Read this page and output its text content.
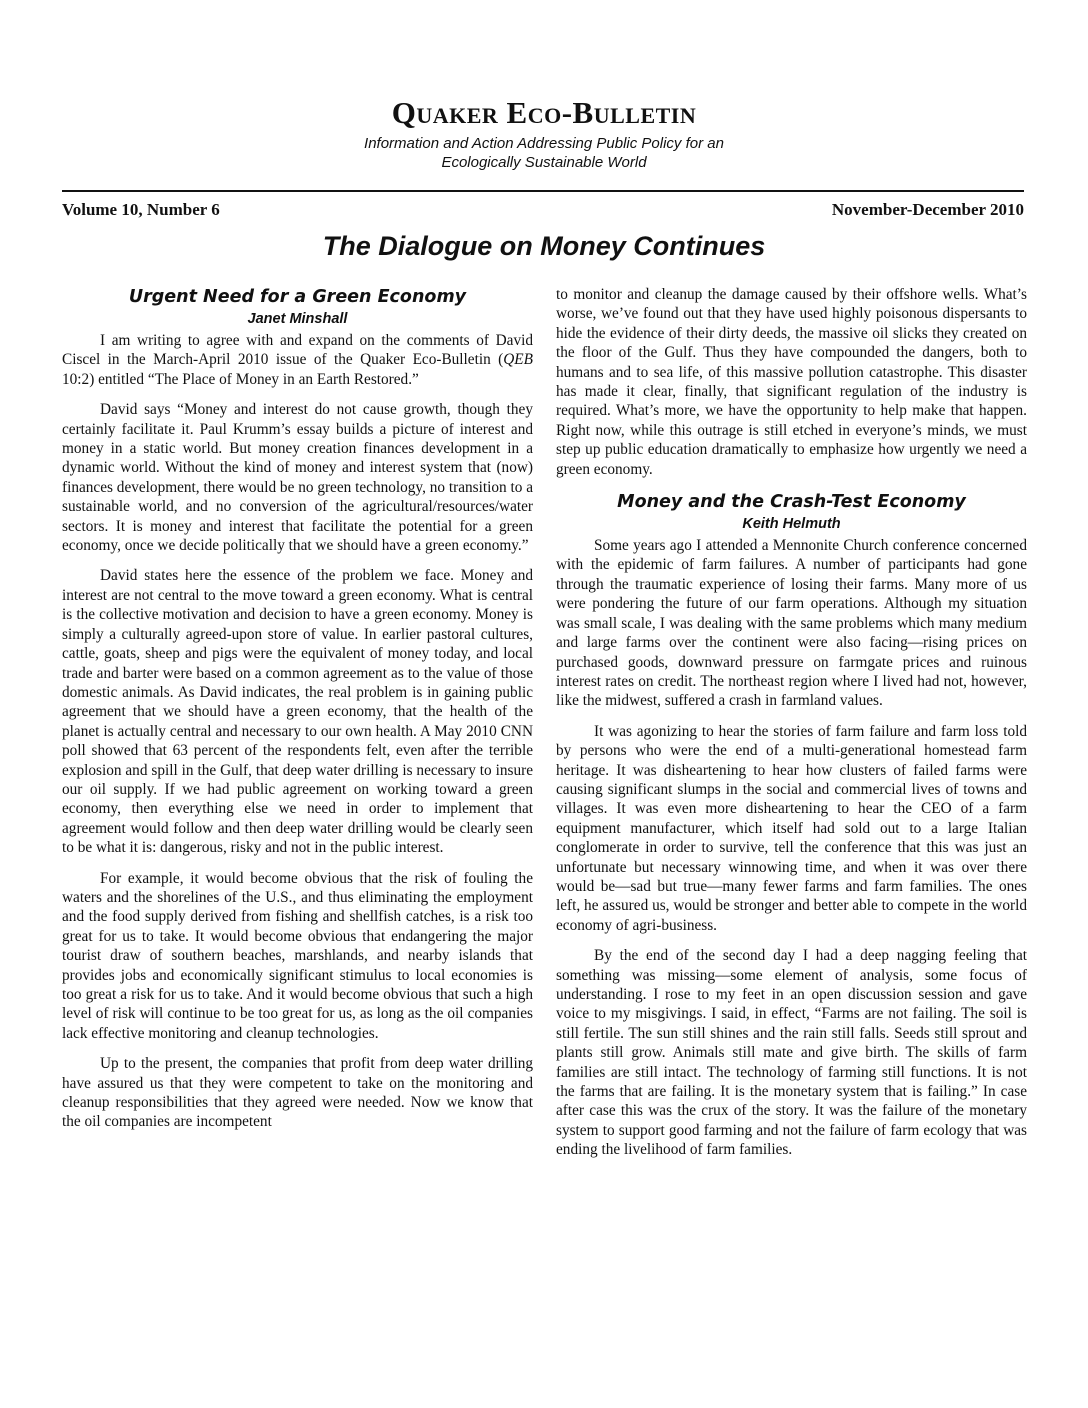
Quaker Eco-Bulletin
Information and Action Addressing Public Policy for an
Ecologically Sustainable World
Volume 10, Number 6	November-December 2010
The Dialogue on Money Continues
Urgent Need for a Green Economy
Janet Minshall

I am writing to agree with and expand on the comments of David Ciscel in the March-April 2010 issue of the Quaker Eco-Bulletin (QEB 10:2) entitled “The Place of Money in an Earth Restored.”

David says “Money and interest do not cause growth, though they certainly facilitate it. Paul Krumm’s essay builds a picture of interest and money in a static world. But money creation finances development in a dynamic world. Without the kind of money and interest system that (now) finances development, there would be no green technology, no transition to a sustainable world, and no conversion of the agricultural/resources/water sectors. It is money and interest that facilitate the potential for a green economy, once we decide politically that we should have a green economy.”

David states here the essence of the problem we face. Money and interest are not central to the move toward a green economy. What is central is the collective motivation and decision to have a green economy. Money is simply a culturally agreed-upon store of value. In earlier pastoral cultures, cattle, goats, sheep and pigs were the equivalent of money today, and local trade and barter were based on a common agreement as to the value of those domestic animals. As David indicates, the real problem is in gaining public agreement that we should have a green economy, that the health of the planet is actually central and necessary to our own health. A May 2010 CNN poll showed that 63 percent of the respondents felt, even after the terrible explosion and spill in the Gulf, that deep water drilling is necessary to insure our oil supply. If we had public agreement on working toward a green economy, then everything else we need in order to implement that agreement would follow and then deep water drilling would be clearly seen to be what it is: dangerous, risky and not in the public interest.

For example, it would become obvious that the risk of fouling the waters and the shorelines of the U.S., and thus eliminating the employment and the food supply derived from fishing and shellfish catches, is a risk too great for us to take. It would become obvious that endangering the major tourist draw of southern beaches, marshlands, and nearby islands that provides jobs and economically significant stimulus to local economies is too great a risk for us to take. And it would become obvious that such a high level of risk will continue to be too great for us, as long as the oil companies lack effective monitoring and cleanup technologies.

Up to the present, the companies that profit from deep water drilling have assured us that they were competent to take on the monitoring and cleanup responsibilities that they agreed were needed. Now we know that the oil companies are incompetent

to monitor and cleanup the damage caused by their offshore wells. What’s worse, we’ve found out that they have used highly poisonous dispersants to hide the evidence of their dirty deeds, the massive oil slicks they created on the floor of the Gulf. Thus they have compounded the dangers, both to humans and to sea life, of this massive pollution catastrophe. This disaster has made it clear, finally, that significant regulation of the industry is required. What’s more, we have the opportunity to help make that happen. Right now, while this outrage is still etched in everyone’s minds, we must step up public education dramatically to emphasize how urgently we need a green economy.

Money and the Crash-Test Economy
Keith Helmuth

Some years ago I attended a Mennonite Church conference concerned with the epidemic of farm failures. A number of participants had gone through the traumatic experience of losing their farms. Many more of us were pondering the future of our farm operations. Although my situation was small scale, I was dealing with the same problems which many medium and large farms over the continent were also facing—rising prices on purchased goods, downward pressure on farmgate prices and ruinous interest rates on credit. The northeast region where I lived had not, however, like the midwest, suffered a crash in farmland values.

It was agonizing to hear the stories of farm failure and farm loss told by persons who were the end of a multi-generational homestead farm heritage. It was disheartening to hear how clusters of failed farms were causing significant slumps in the social and commercial lives of towns and villages. It was even more disheartening to hear the CEO of a farm equipment manufacturer, which itself had sold out to a large Italian conglomerate in order to survive, tell the conference that this was just an unfortunate but necessary winnowing time, and when it was over there would be—sad but true—many fewer farms and farm families. The ones left, he assured us, would be stronger and better able to compete in the world economy of agri-business.

By the end of the second day I had a deep nagging feeling that something was missing—some element of analysis, some focus of understanding. I rose to my feet in an open discussion session and gave voice to my misgivings. I said, in effect, “Farms are not failing. The soil is still fertile. The sun still shines and the rain still falls. Seeds still sprout and plants still grow. Animals still mate and give birth. The skills of farm families are still intact. The technology of farming still functions. It is not the farms that are failing. It is the monetary system that is failing.” In case after case this was the crux of the story. It was the failure of the monetary system to support good farming and not the failure of farm ecology that was ending the livelihood of farm families.
